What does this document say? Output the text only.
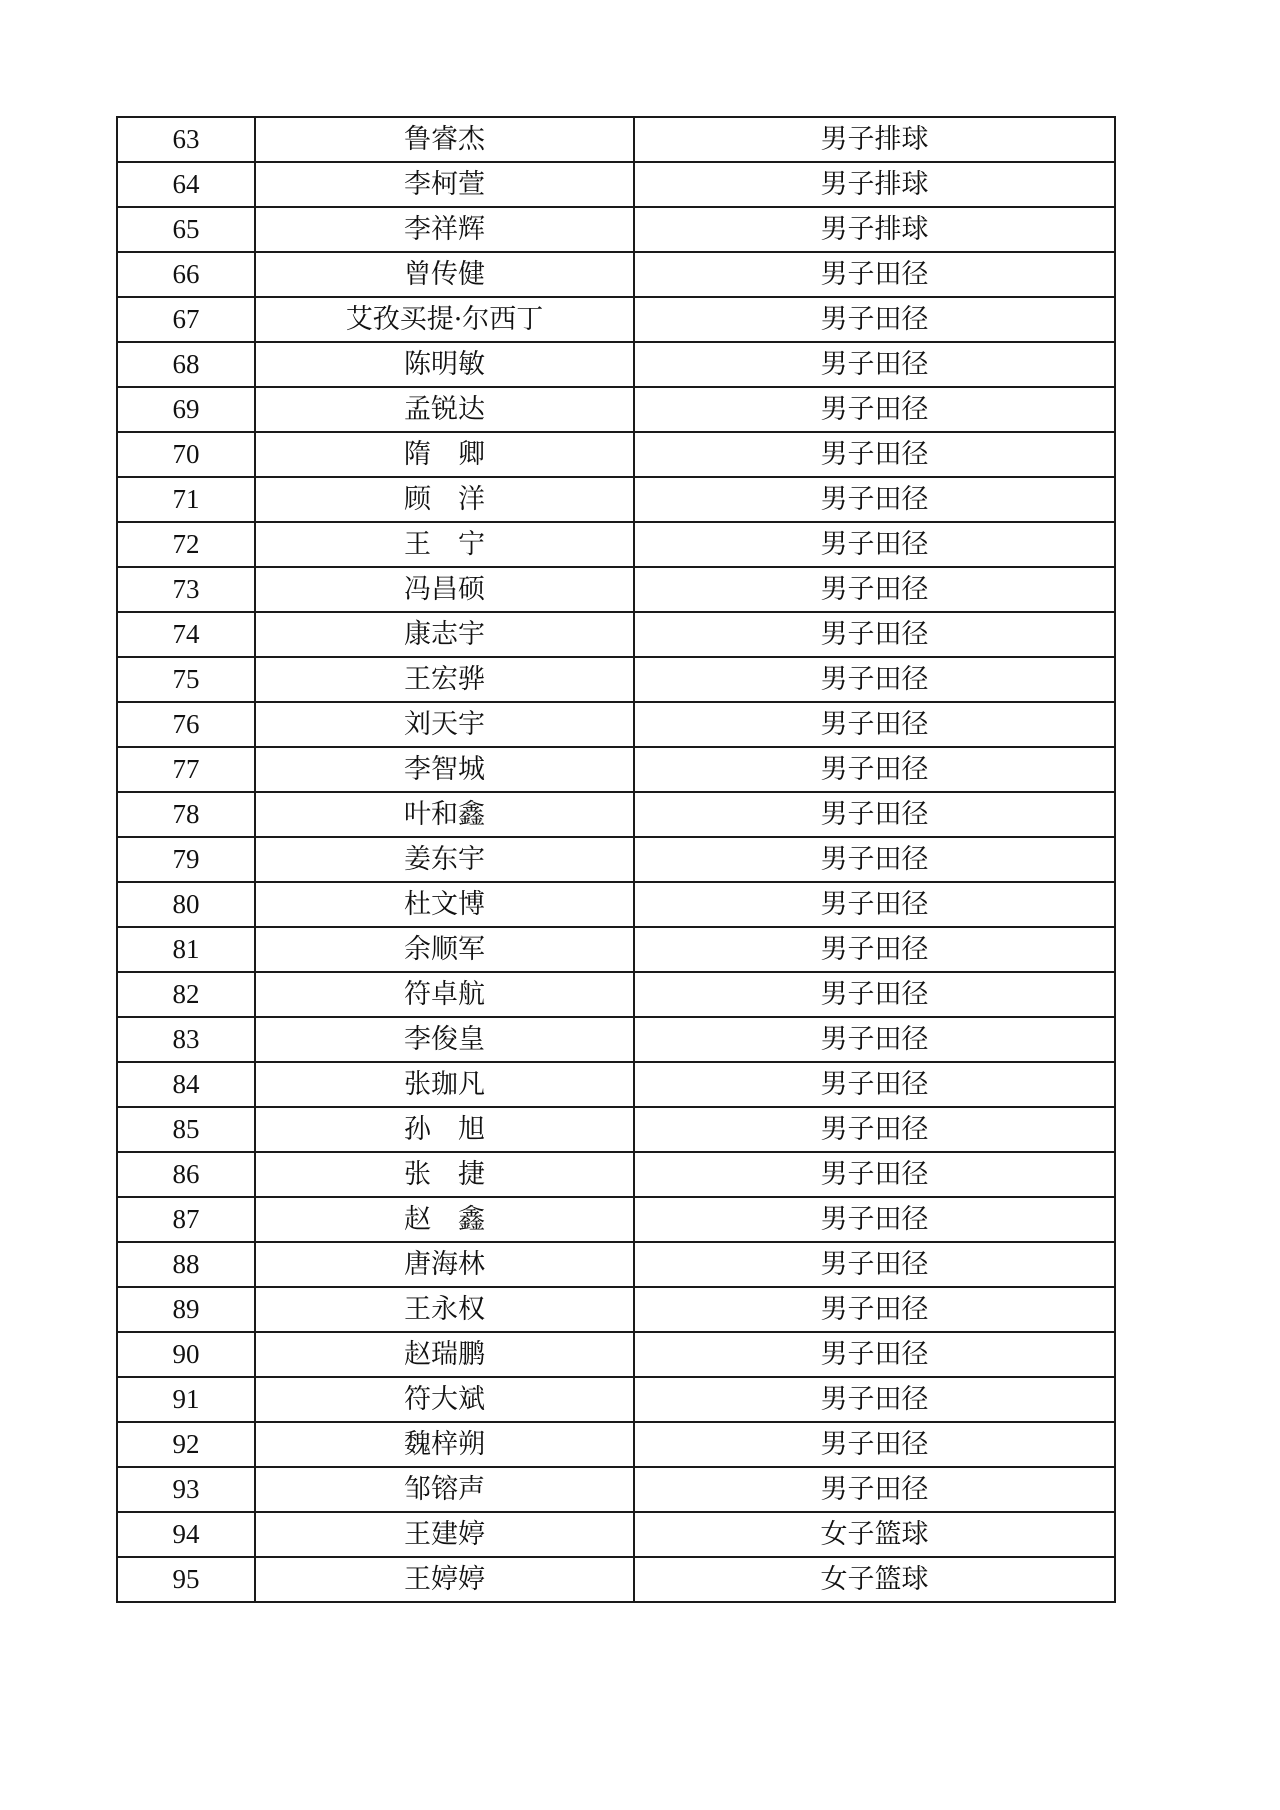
63	鲁睿杰	男子排球
64	李柯萱	男子排球
65	李祥辉	男子排球
66	曾传健	男子田径
67	艾孜买提·尔西丁	男子田径
68	陈明敏	男子田径
69	孟锐达	男子田径
70	隋　卿	男子田径
71	顾　洋	男子田径
72	王　宁	男子田径
73	冯昌硕	男子田径
74	康志宇	男子田径
75	王宏骅	男子田径
76	刘天宇	男子田径
77	李智城	男子田径
78	叶和鑫	男子田径
79	姜东宇	男子田径
80	杜文博	男子田径
81	余顺军	男子田径
82	符卓航	男子田径
83	李俊皇	男子田径
84	张珈凡	男子田径
85	孙　旭	男子田径
86	张　捷	男子田径
87	赵　鑫	男子田径
88	唐海林	男子田径
89	王永权	男子田径
90	赵瑞鹏	男子田径
91	符大斌	男子田径
92	魏梓朔	男子田径
93	邹镕声	男子田径
94	王建婷	女子篮球
95	王婷婷	女子篮球
